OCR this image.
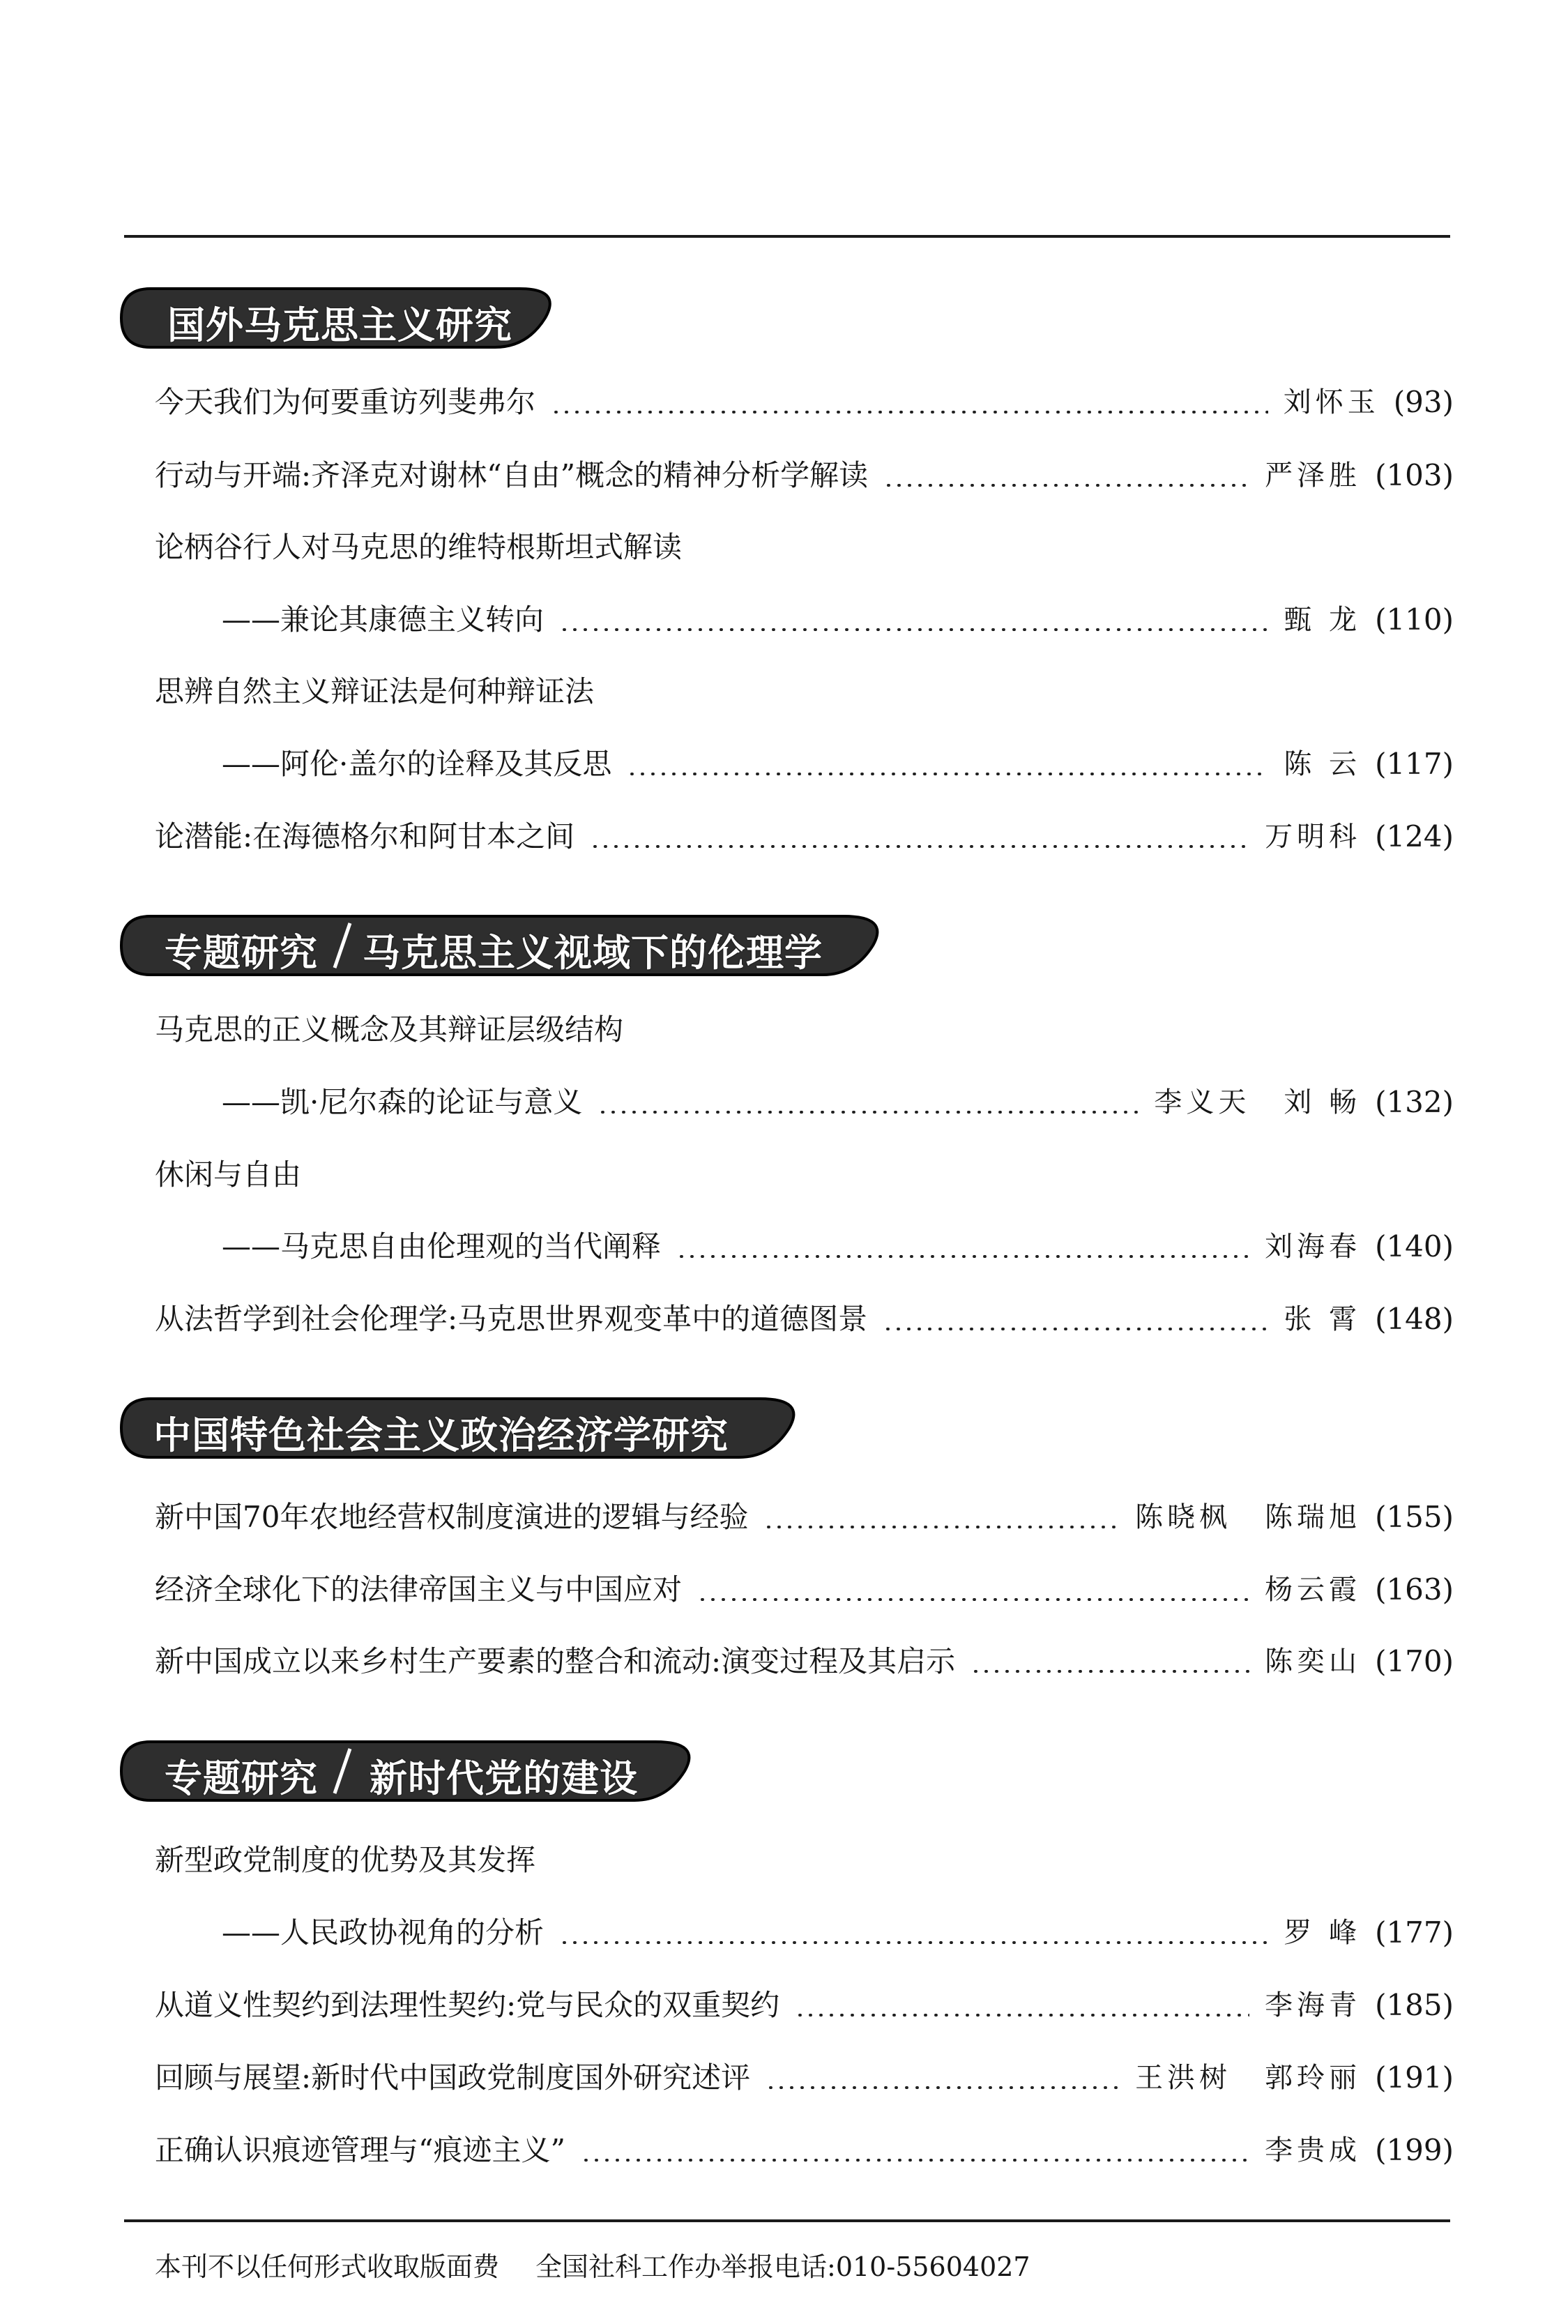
国外马克思主义研究
今天我们为何要重访列斐弗尔	刘怀玉 (93)
行动与开端:齐泽克对谢林“自由”概念的精神分析学解读	严泽胜 (103)
论柄谷行人对马克思的维特根斯坦式解读
——兼论其康德主义转向	甄 龙 (110)
思辨自然主义辩证法是何种辩证法
——阿伦·盖尔的诠释及其反思	陈 云 (117)
论潜能:在海德格尔和阿甘本之间	万明科 (124)
专题研究 马克思主义视域下的伦理学
马克思的正义概念及其辩证层级结构
——凯·尼尔森的论证与意义	李义天 刘 畅 (132)
休闲与自由
——马克思自由伦理观的当代阐释	刘海春 (140)
从法哲学到社会伦理学:马克思世界观变革中的道德图景	张 霄 (148)
中国特色社会主义政治经济学研究
新中国70年农地经营权制度演进的逻辑与经验	陈晓枫 陈瑞旭 (155)
经济全球化下的法律帝国主义与中国应对	杨云霞 (163)
新中国成立以来乡村生产要素的整合和流动:演变过程及其启示	陈奕山 (170)
专题研究 新时代党的建设
新型政党制度的优势及其发挥
——人民政协视角的分析	罗 峰 (177)
从道义性契约到法理性契约:党与民众的双重契约	李海青 (185)
回顾与展望:新时代中国政党制度国外研究述评	王洪树 郭玲丽 (191)
正确认识痕迹管理与“痕迹主义”	李贵成 (199)
本刊不以任何形式收取版面费 全国社科工作办举报电话:010-55604027
